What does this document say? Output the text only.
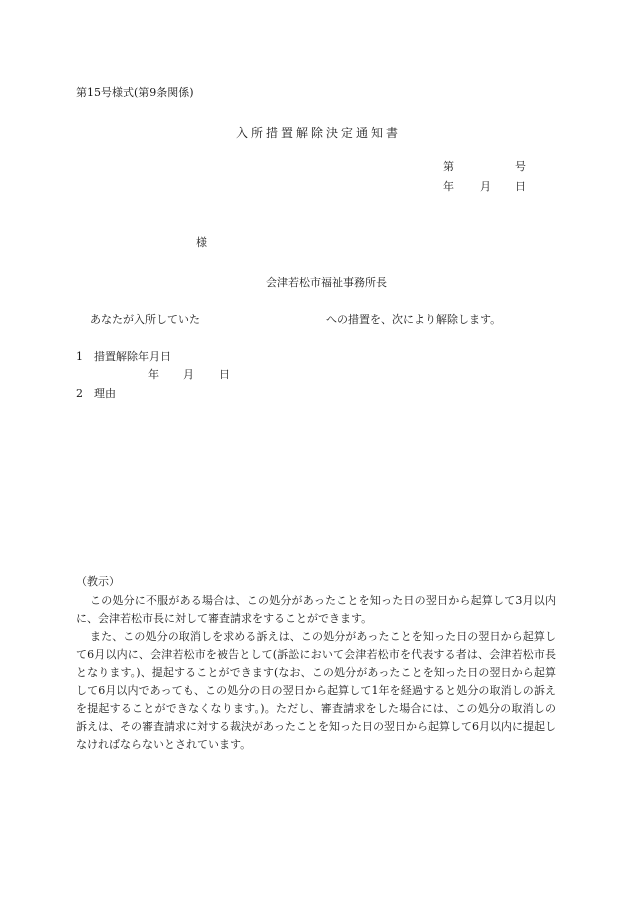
第15号様式(第9条関係)
入所措置解除決定通知書
第	号
年 月 日
様
会津若松市福祉事務所長
あなたが入所していた	への措置を、次により解除します。
1　措置解除年月日
年 月 日
2　理由
（教示）

この処分に不服がある場合は、この処分があったことを知った日の翌日から起算して3月以内に、会津若松市長に対して審査請求をすることができます。

また、この処分の取消しを求める訴えは、この処分があったことを知った日の翌日から起算して6月以内に、会津若松市を被告として(訴訟において会津若松市を代表する者は、会津若松市長となります。)、提起することができます(なお、この処分があったことを知った日の翌日から起算して6月以内であっても、この処分の日の翌日から起算して1年を経過すると処分の取消しの訴えを提起することができなくなります。)。ただし、審査請求をした場合には、この処分の取消しの訴えは、その審査請求に対する裁決があったことを知った日の翌日から起算して6月以内に提起しなければならないとされています。
